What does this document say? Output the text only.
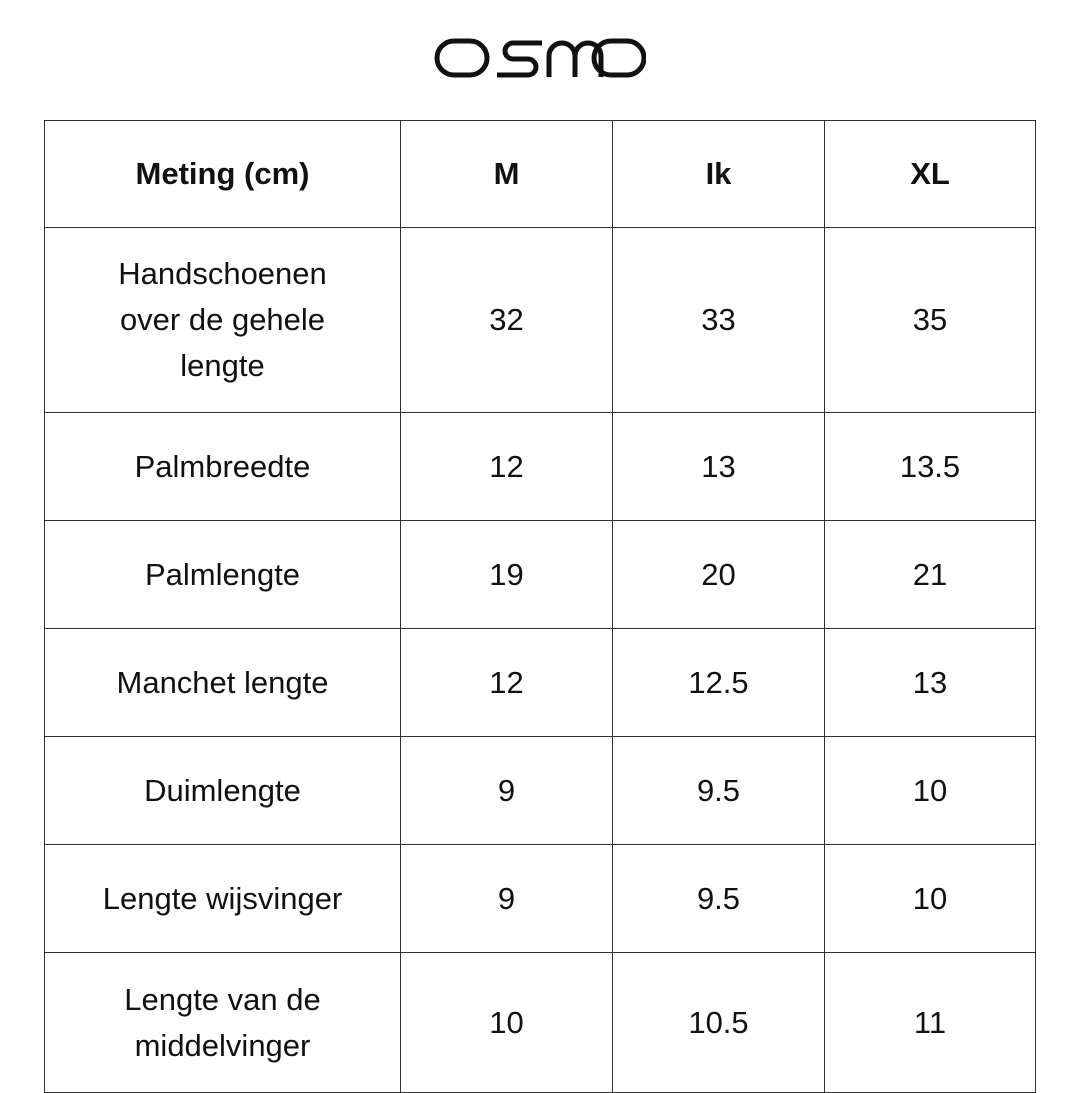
Meting (cm)	M	Ik	XL
Handschoenen over de gehele lengte	32	33	35
Palmbreedte	12	13	13.5
Palmlengte	19	20	21
Manchet lengte	12	12.5	13
Duimlengte	9	9.5	10
Lengte wijsvinger	9	9.5	10
Lengte van de middelvinger	10	10.5	11
